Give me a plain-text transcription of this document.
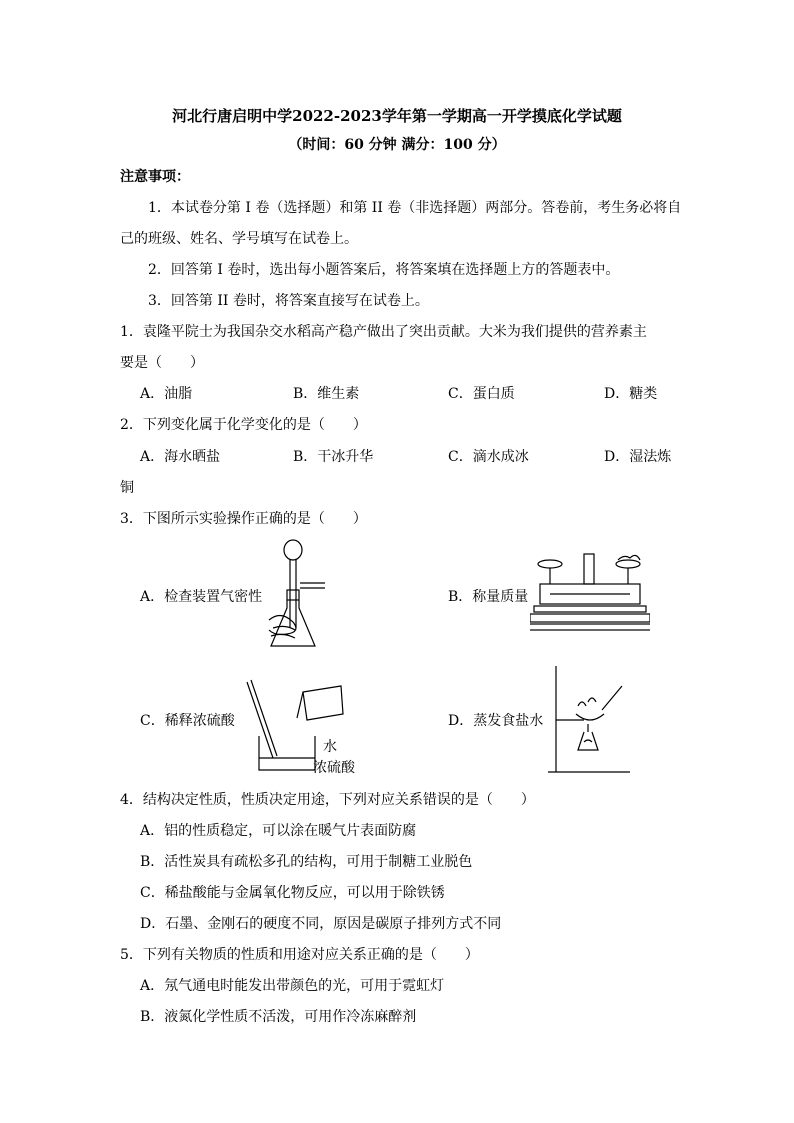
河北行唐启明中学2022-2023学年第一学期高一开学摸底化学试题
（时间：60 分钟 满分：100 分）
注意事项：
1．本试卷分第 I 卷（选择题）和第 II 卷（非选择题）两部分。答卷前，考生务必将自
己的班级、姓名、学号填写在试卷上。
2．回答第 I 卷时，选出每小题答案后，将答案填在选择题上方的答题表中。
3．回答第 II 卷时，将答案直接写在试卷上。
1．袁隆平院士为我国杂交水稻高产稳产做出了突出贡献。大米为我们提供的营养素主
要是（　　）
A．油脂	B．维生素	C．蛋白质	D．糖类
2．下列变化属于化学变化的是（　　）
A．海水晒盐	B．干冰升华	C．滴水成冰	D．湿法炼
铜
3．下图所示实验操作正确的是（　　）
A．检查装置气密性	B．称量质量
C．稀释浓硫酸
水
浓硫酸
D．蒸发食盐水
4．结构决定性质，性质决定用途，下列对应关系错误的是（　　）
A．铝的性质稳定，可以涂在暖气片表面防腐
B．活性炭具有疏松多孔的结构，可用于制糖工业脱色
C．稀盐酸能与金属氧化物反应，可以用于除铁锈
D．石墨、金刚石的硬度不同，原因是碳原子排列方式不同
5．下列有关物质的性质和用途对应关系正确的是（　　）
A．氖气通电时能发出带颜色的光，可用于霓虹灯
B．液氮化学性质不活泼，可用作冷冻麻醉剂
